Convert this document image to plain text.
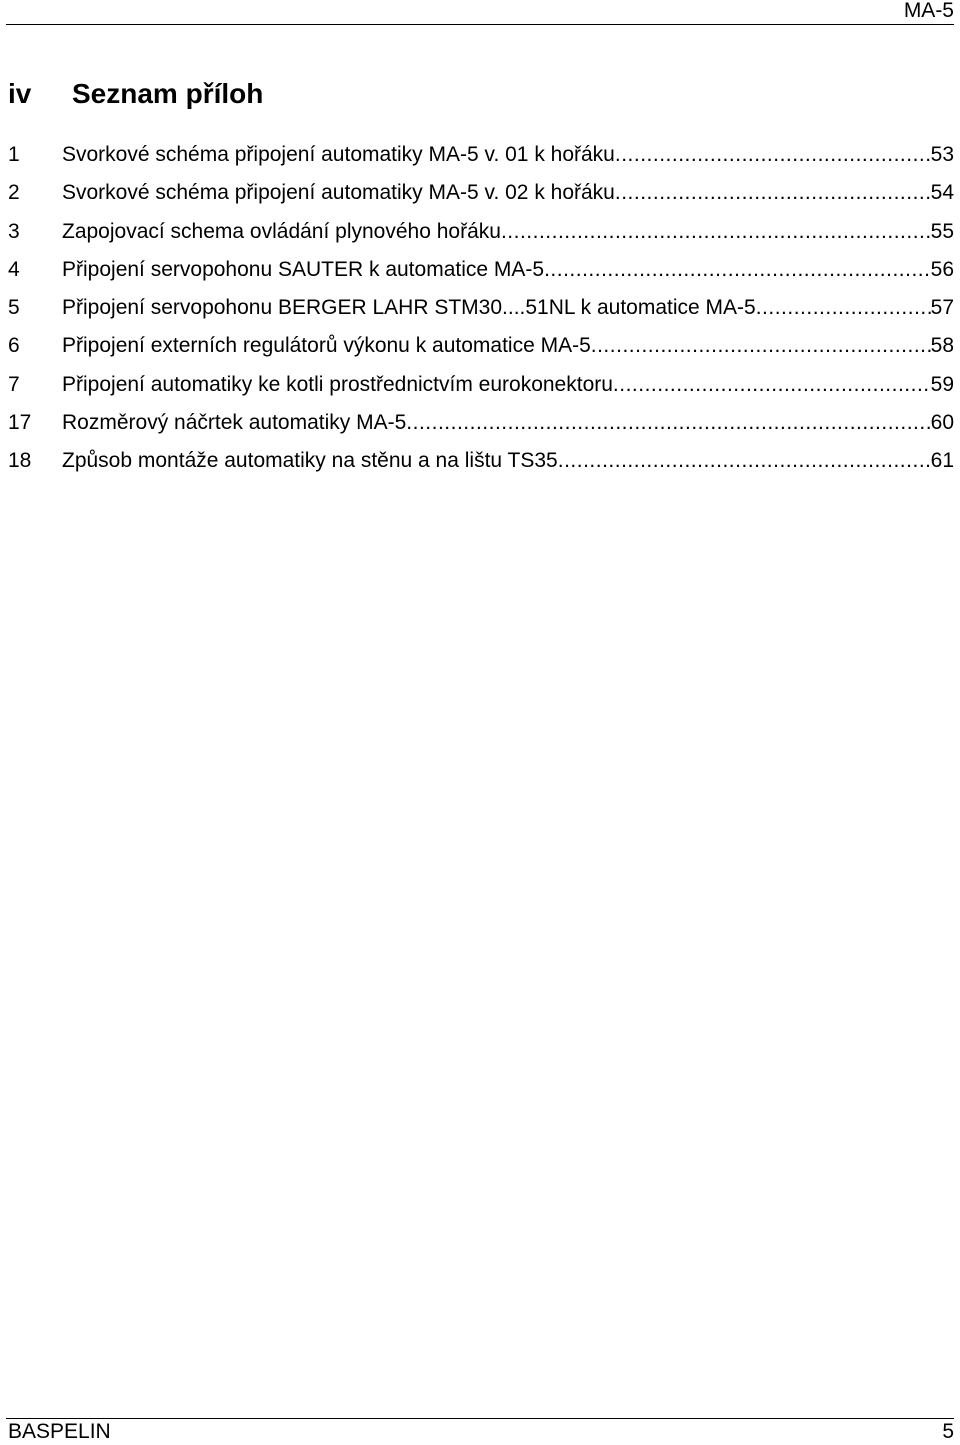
MA-5
iv Seznam příloh
1	Svorkové schéma připojení automatiky MA-5 v. 01 k hořáku .....	53
2	Svorkové schéma připojení automatiky MA-5 v. 02 k hořáku .....	54
3	Zapojovací schema ovládání plynového hořáku .....	55
4	Připojení servopohonu SAUTER k automatice MA-5 .....	56
5	Připojení servopohonu BERGER LAHR STM30....51NL k automatice MA-5 .....	57
6	Připojení externích regulátorů výkonu k automatice MA-5 .....	58
7	Připojení automatiky ke kotli prostřednictvím eurokonektoru .....	59
17	Rozměrový náčrtek automatiky MA-5 .....	60
18	Způsob montáže automatiky na stěnu a na lištu TS35 .....	61
BASPELIN	5
